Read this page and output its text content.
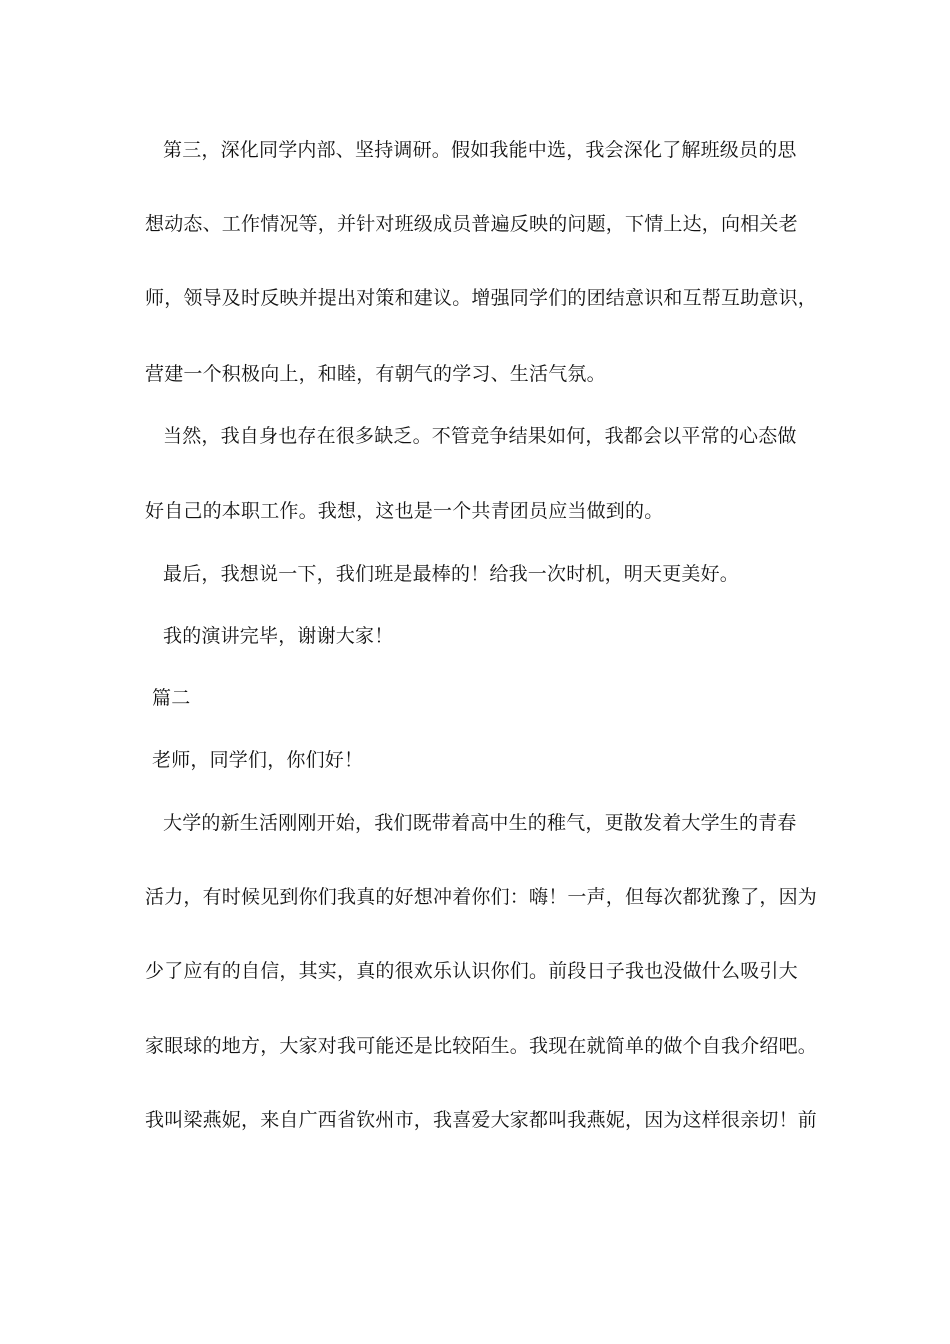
第三，深化同学内部、坚持调研。假如我能中选，我会深化了解班级员的思
想动态、工作情况等，并针对班级成员普遍反映的问题，下情上达，向相关老
师，领导及时反映并提出对策和建议。增强同学们的团结意识和互帮互助意识，
营建一个积极向上，和睦，有朝气的学习、生活气氛。
当然，我自身也存在很多缺乏。不管竞争结果如何，我都会以平常的心态做
好自己的本职工作。我想，这也是一个共青团员应当做到的。
最后，我想说一下，我们班是最棒的！给我一次时机，明天更美好。
我的演讲完毕，谢谢大家！
篇二
老师，同学们，你们好！
大学的新生活刚刚开始，我们既带着高中生的稚气，更散发着大学生的青春
活力，有时候见到你们我真的好想冲着你们：嗨！一声，但每次都犹豫了，因为
少了应有的自信，其实，真的很欢乐认识你们。前段日子我也没做什么吸引大
家眼球的地方，大家对我可能还是比较陌生。我现在就简单的做个自我介绍吧。
我叫梁燕妮，来自广西省钦州市，我喜爱大家都叫我燕妮，因为这样很亲切！前
